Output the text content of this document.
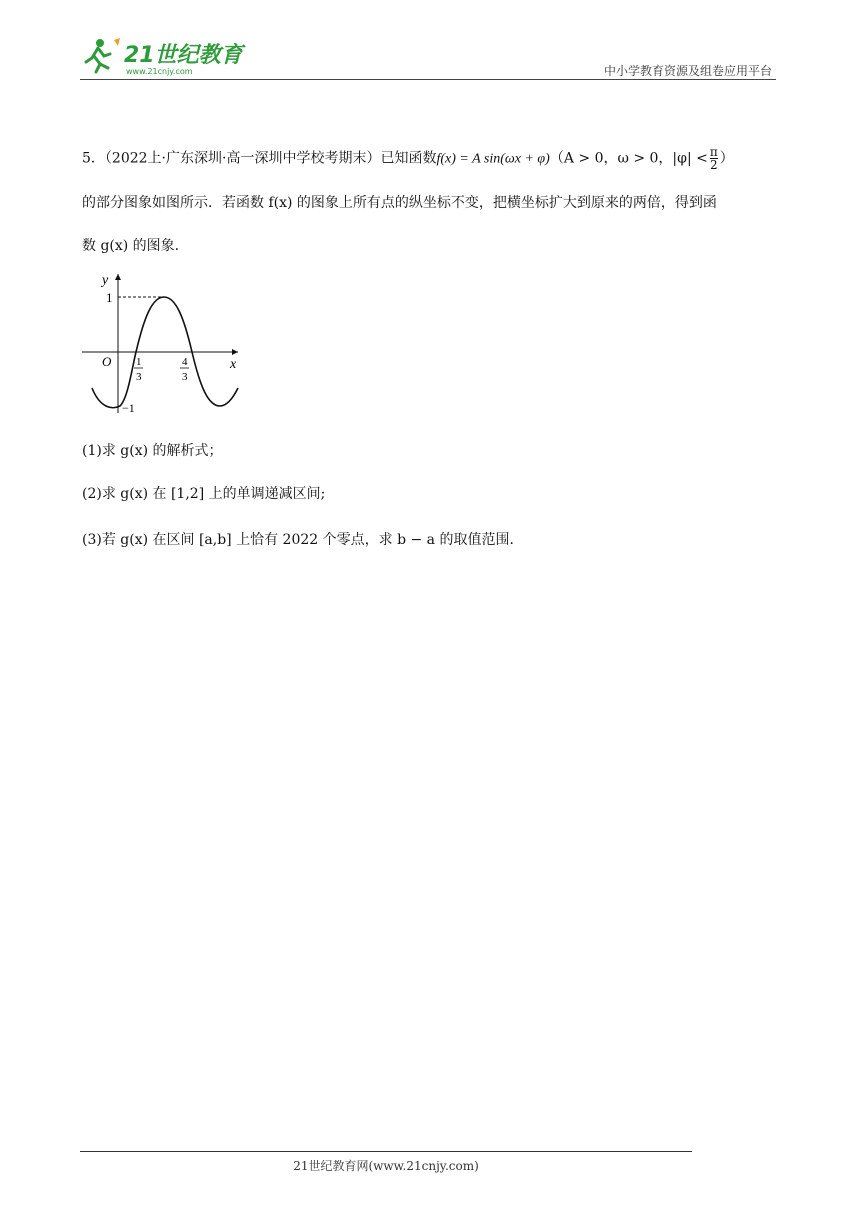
21世纪教育
www.21cnjy.com	中小学教育资源及组卷应用平台
5．（2022上·广东深圳·高一深圳中学校考期末）已知函数f(x) = A sin(ωx + φ)（A > 0，ω > 0，$|\varphi| < \frac{\pi}{2}$ ）
的部分图象如图所示．若函数 f(x) 的图象上所有点的纵坐标不变，把横坐标扩大到原来的两倍，得到函
数 g(x) 的图象．
y
x
O
1
−1
1
3
4
3
(1)求 g(x) 的解析式；
(2)求 g(x) 在 [1,2] 上的单调递减区间;
(3)若 g(x) 在区间 [a,b] 上恰有 2022 个零点，求 b − a 的取值范围．
21世纪教育网(www.21cnjy.com)
